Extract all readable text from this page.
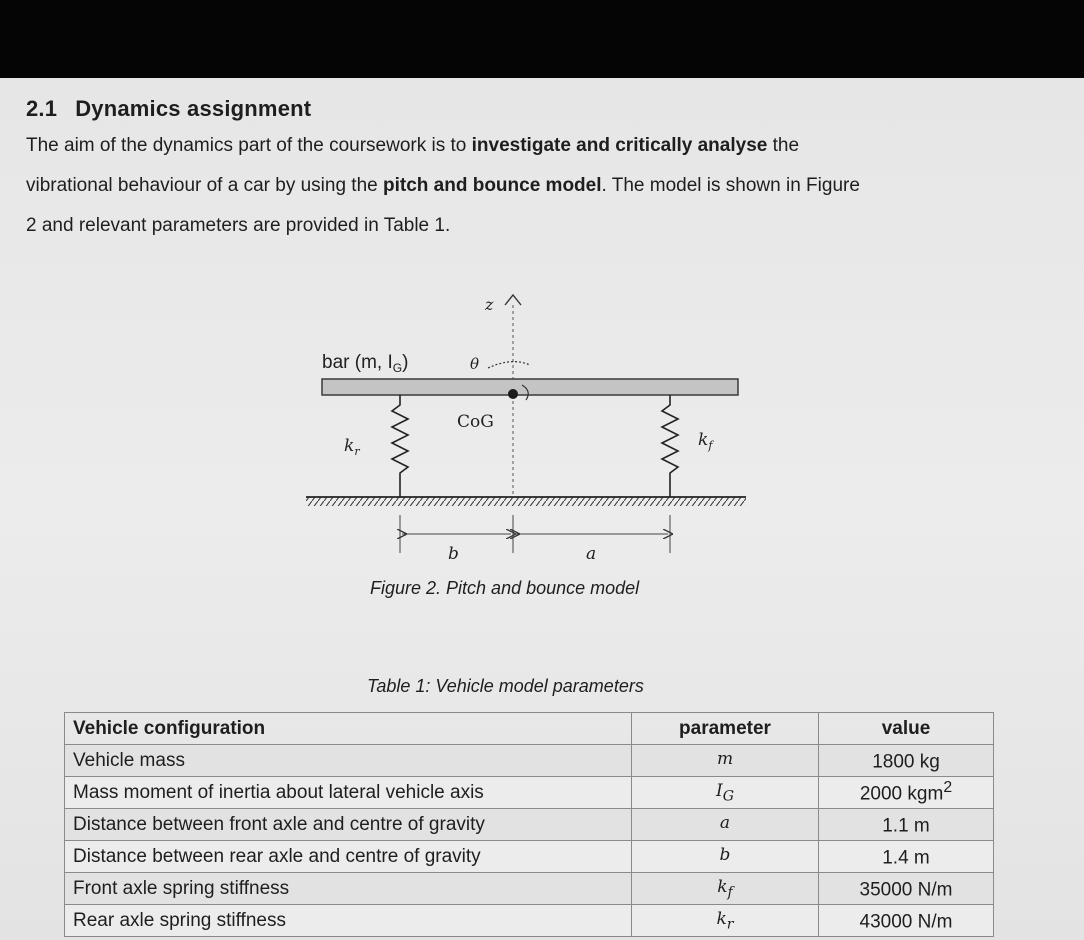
2.1 Dynamics assignment
The aim of the dynamics part of the coursework is to investigate and critically analyse the
vibrational behaviour of a car by using the pitch and bounce model. The model is shown in Figure
2 and relevant parameters are provided in Table 1.
z
bar (m, $I_G$)	θ
CoG
$k_r$
$k_f$
b	a
Figure 2. Pitch and bounce model
Table 1: Vehicle model parameters
Vehicle configuration	parameter	value
Vehicle mass	m	1800 kg
Mass moment of inertia about lateral vehicle axis	$I_G$	2000 kgm$^2$
Distance between front axle and centre of gravity	a	1.1 m
Distance between rear axle and centre of gravity	b	1.4 m
Front axle spring stiffness	$k_f$	35000 N/m
Rear axle spring stiffness	$k_r$	43000 N/m
